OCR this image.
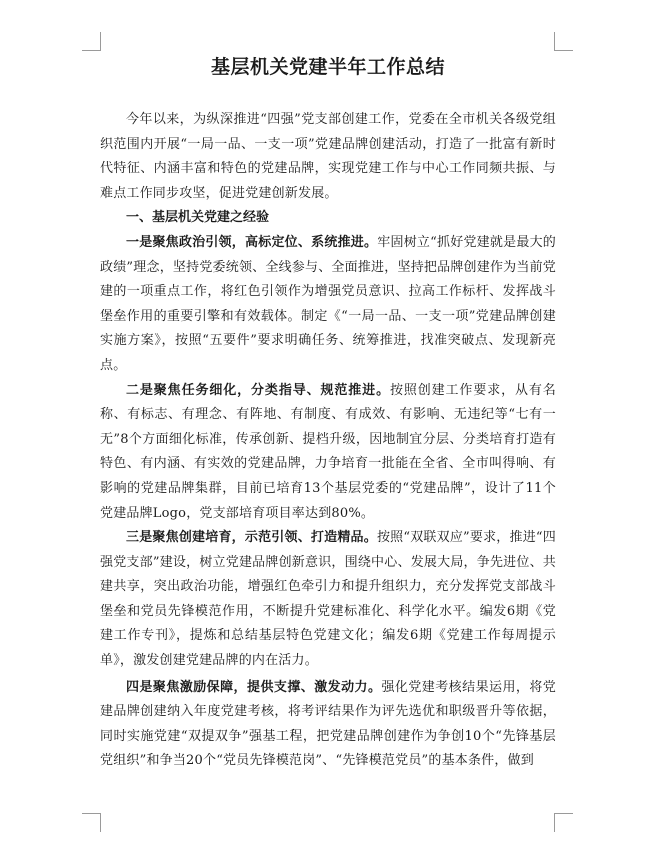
基层机关党建半年工作总结

今年以来，为纵深推进“四强”党支部创建工作，党委在全市机关各级党组织范围内开展“一局一品、一支一项”党建品牌创建活动，打造了一批富有新时代特征、内涵丰富和特色的党建品牌，实现党建工作与中心工作同频共振、与难点工作同步攻坚，促进党建创新发展。

一、基层机关党建之经验

一是聚焦政治引领，高标定位、系统推进。牢固树立“抓好党建就是最大的政绩”理念，坚持党委统领、全线参与、全面推进，坚持把品牌创建作为当前党建的一项重点工作，将红色引领作为增强党员意识、拉高工作标杆、发挥战斗堡垒作用的重要引擎和有效载体。制定《“一局一品、一支一项”党建品牌创建实施方案》，按照“五要件”要求明确任务、统筹推进，找准突破点、发现新亮点。

二是聚焦任务细化，分类指导、规范推进。按照创建工作要求，从有名称、有标志、有理念、有阵地、有制度、有成效、有影响、无违纪等“七有一无”8个方面细化标准，传承创新、提档升级，因地制宜分层、分类培育打造有特色、有内涵、有实效的党建品牌，力争培育一批能在全省、全市叫得响、有影响的党建品牌集群，目前已培育13个基层党委的“党建品牌”，设计了11个党建品牌Logo，党支部培育项目率达到80%。

三是聚焦创建培育，示范引领、打造精品。按照“双联双应”要求，推进“四强党支部”建设，树立党建品牌创新意识，围绕中心、发展大局，争先进位、共建共享，突出政治功能，增强红色牵引力和提升组织力，充分发挥党支部战斗堡垒和党员先锋模范作用，不断提升党建标准化、科学化水平。编发6期《党建工作专刊》，提炼和总结基层特色党建文化；编发6期《党建工作每周提示单》，激发创建党建品牌的内在活力。

四是聚焦激励保障，提供支撑、激发动力。强化党建考核结果运用，将党建品牌创建纳入年度党建考核，将考评结果作为评先选优和职级晋升等依据，同时实施党建“双提双争”强基工程，把党建品牌创建作为争创10个“先锋基层党组织”和争当20个“党员先锋模范岗”、“先锋模范党员”的基本条件，做到
